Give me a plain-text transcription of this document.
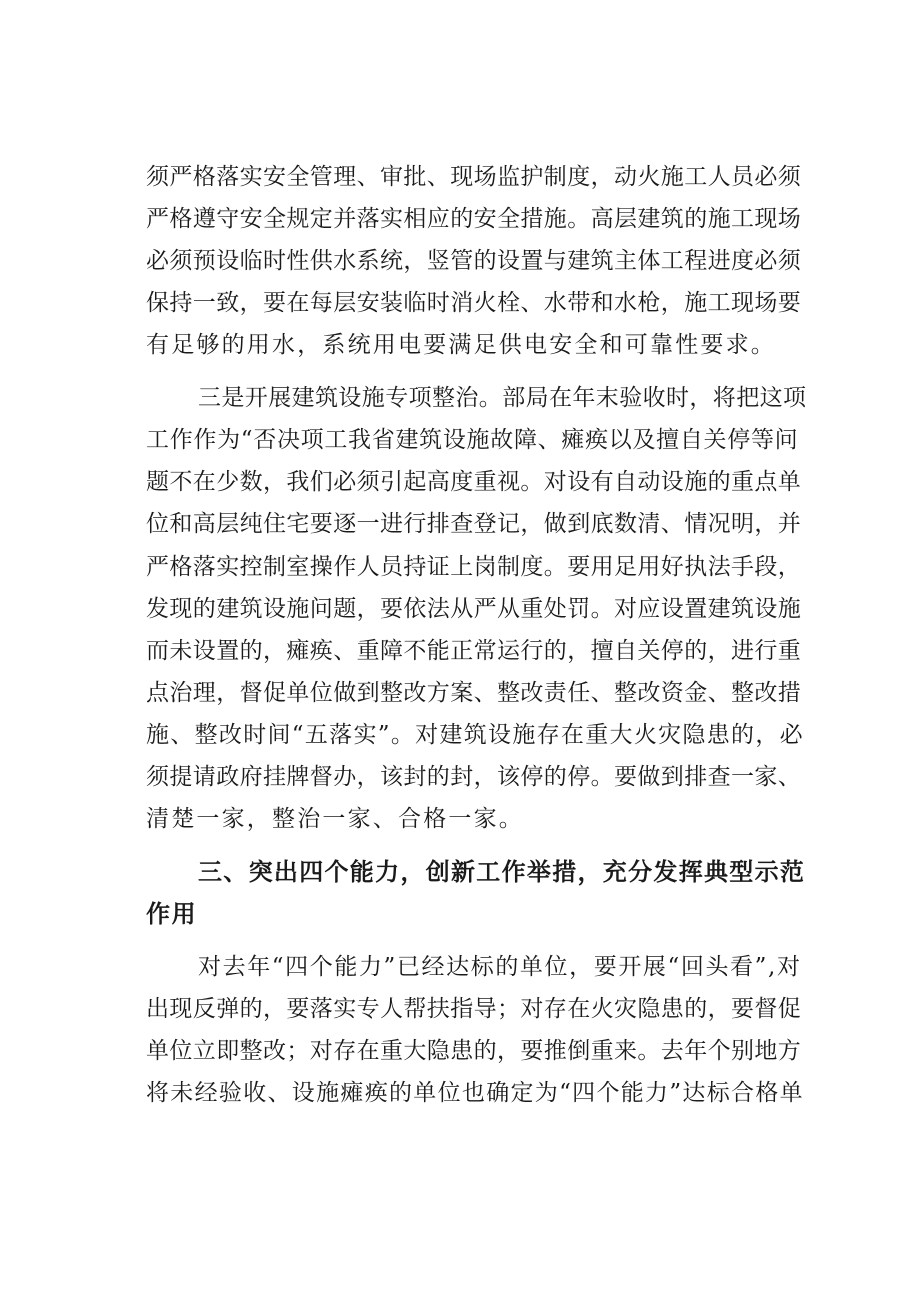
须严格落实安全管理、审批、现场监护制度，动火施工人员必须
严格遵守安全规定并落实相应的安全措施。高层建筑的施工现场
必须预设临时性供水系统，竖管的设置与建筑主体工程进度必须
保持一致，要在每层安装临时消火栓、水带和水枪，施工现场要
有足够的用水，系统用电要满足供电安全和可靠性要求。
三是开展建筑设施专项整治。部局在年末验收时，将把这项
工作作为“否决项工我省建筑设施故障、瘫痪以及擅自关停等问
题不在少数，我们必须引起高度重视。对设有自动设施的重点单
位和高层纯住宅要逐一进行排查登记，做到底数清、情况明，并
严格落实控制室操作人员持证上岗制度。要用足用好执法手段，
发现的建筑设施问题，要依法从严从重处罚。对应设置建筑设施
而未设置的，瘫痪、重障不能正常运行的，擅自关停的，进行重
点治理，督促单位做到整改方案、整改责任、整改资金、整改措
施、整改时间“五落实”。对建筑设施存在重大火灾隐患的，必
须提请政府挂牌督办，该封的封，该停的停。要做到排查一家、
清楚一家，整治一家、合格一家。
三、突出四个能力，创新工作举措，充分发挥典型示范
作用
对去年“四个能力”已经达标的单位，要开展“回头看”,对
出现反弹的，要落实专人帮扶指导；对存在火灾隐患的，要督促
单位立即整改；对存在重大隐患的，要推倒重来。去年个别地方
将未经验收、设施瘫痪的单位也确定为“四个能力”达标合格单
